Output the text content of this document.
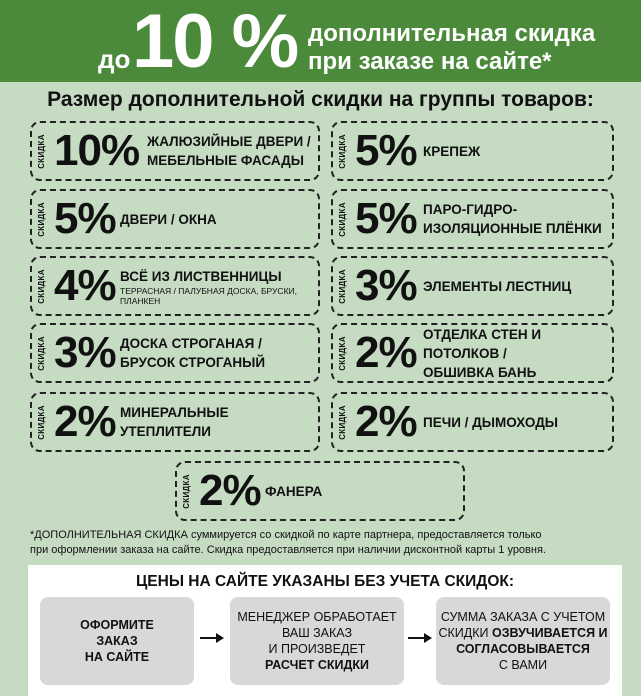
до 10 % дополнительная скидка
при заказе на сайте*
Размер дополнительной скидки на группы товаров:
СКИДКА 10% ЖАЛЮЗИЙНЫЕ ДВЕРИ /
МЕБЕЛЬНЫЕ ФАСАДЫ	СКИДКА 5% КРЕПЕЖ
СКИДКА 5% ДВЕРИ / ОКНА	СКИДКА 5% ПАРО-ГИДРО-
ИЗОЛЯЦИОННЫЕ ПЛЁНКИ
СКИДКА 4% ВСЁ ИЗ ЛИСТВЕННИЦЫ
ТЕРРАСНАЯ / ПАЛУБНАЯ ДОСКА, БРУСКИ,
ПЛАНКЕН	СКИДКА 3% ЭЛЕМЕНТЫ ЛЕСТНИЦ
СКИДКА 3% ДОСКА СТРОГАНАЯ /
БРУСОК СТРОГАНЫЙ	СКИДКА 2% ОТДЕЛКА СТЕН И ПОТОЛКОВ /
ОБШИВКА БАНЬ
СКИДКА 2% МИНЕРАЛЬНЫЕ
УТЕПЛИТЕЛИ	СКИДКА 2% ПЕЧИ / ДЫМОХОДЫ
СКИДКА 2% ФАНЕРА
*ДОПОЛНИТЕЛЬНАЯ СКИДКА суммируется со скидкой по карте партнера, предоставляется только
при оформлении заказа на сайте. Скидка предоставляется при наличии дисконтной карты 1 уровня.
ЦЕНЫ НА САЙТЕ УКАЗАНЫ БЕЗ УЧЕТА СКИДОК:
ОФОРМИТЕ
ЗАКАЗ
НА САЙТЕ
МЕНЕДЖЕР ОБРАБОТАЕТ
ВАШ ЗАКАЗ
И ПРОИЗВЕДЕТ
РАСЧЕТ СКИДКИ
СУММА ЗАКАЗА С УЧЕТОМ
СКИДКИ ОЗВУЧИВАЕТСЯ И
СОГЛАСОВЫВАЕТСЯ
С ВАМИ
